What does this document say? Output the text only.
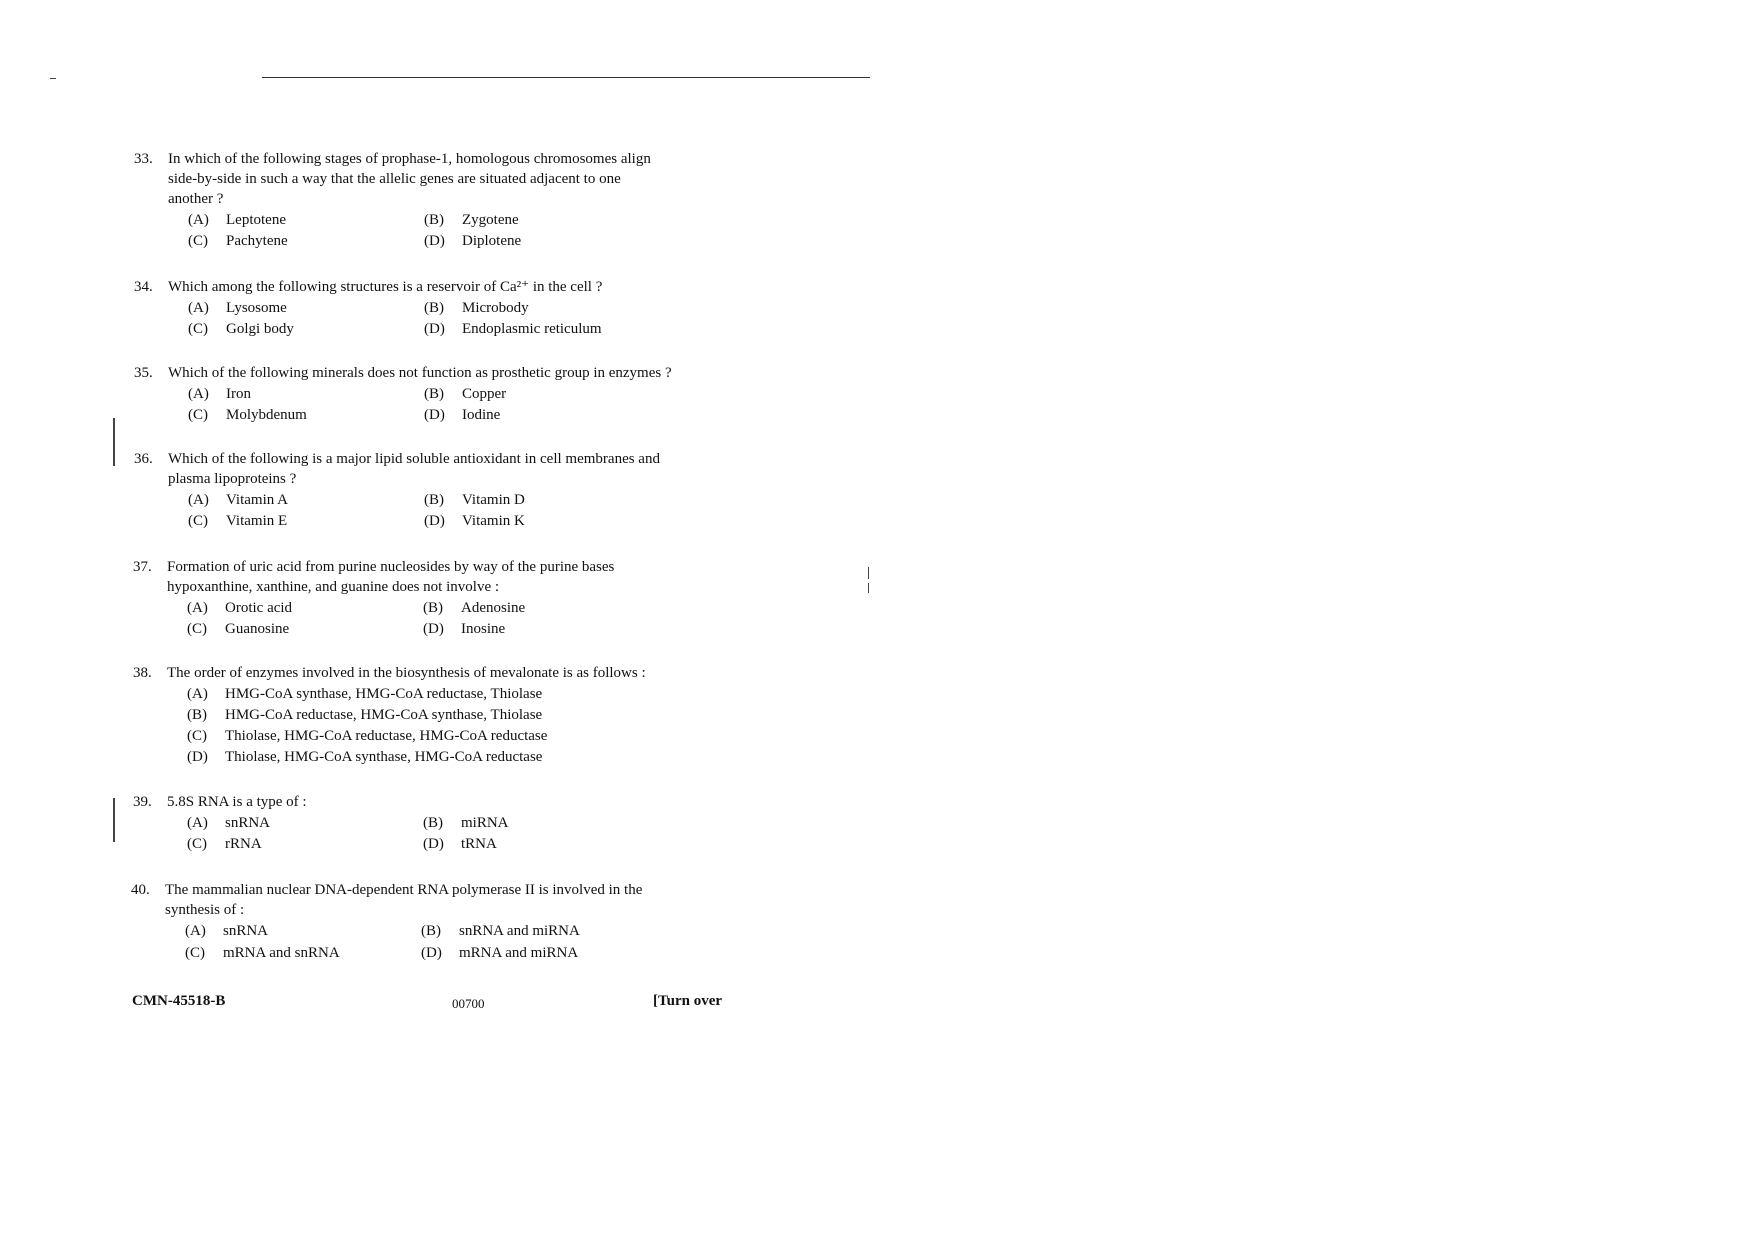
33.	In which of the following stages of prophase-1, homologous chromosomes align
side-by-side in such a way that the allelic genes are situated adjacent to one
another ?
(A) Leptotene	(B) Zygotene
(C) Pachytene	(D) Diplotene
34.	Which among the following structures is a reservoir of Ca²⁺ in the cell ?
(A) Lysosome	(B) Microbody
(C) Golgi body	(D) Endoplasmic reticulum
35.	Which of the following minerals does not function as prosthetic group in enzymes ?
(A) Iron	(B) Copper
(C) Molybdenum	(D) Iodine
36.	Which of the following is a major lipid soluble antioxidant in cell membranes and
plasma lipoproteins ?
(A) Vitamin A	(B) Vitamin D
(C) Vitamin E	(D) Vitamin K
37.	Formation of uric acid from purine nucleosides by way of the purine bases
hypoxanthine, xanthine, and guanine does not involve :
(A) Orotic acid	(B) Adenosine
(C) Guanosine	(D) Inosine
38.	The order of enzymes involved in the biosynthesis of mevalonate is as follows :
(A) HMG-CoA synthase, HMG-CoA reductase, Thiolase
(B) HMG-CoA reductase, HMG-CoA synthase, Thiolase
(C) Thiolase, HMG-CoA reductase, HMG-CoA reductase
(D) Thiolase, HMG-CoA synthase, HMG-CoA reductase
39.	5.8S RNA is a type of :
(A) snRNA	(B) miRNA
(C) rRNA	(D) tRNA
40.	The mammalian nuclear DNA-dependent RNA polymerase II is involved in the
synthesis of :
(A) snRNA	(B) snRNA and miRNA
(C) mRNA and snRNA	(D) mRNA and miRNA
CMN-45518-B	00700	[Turn over
